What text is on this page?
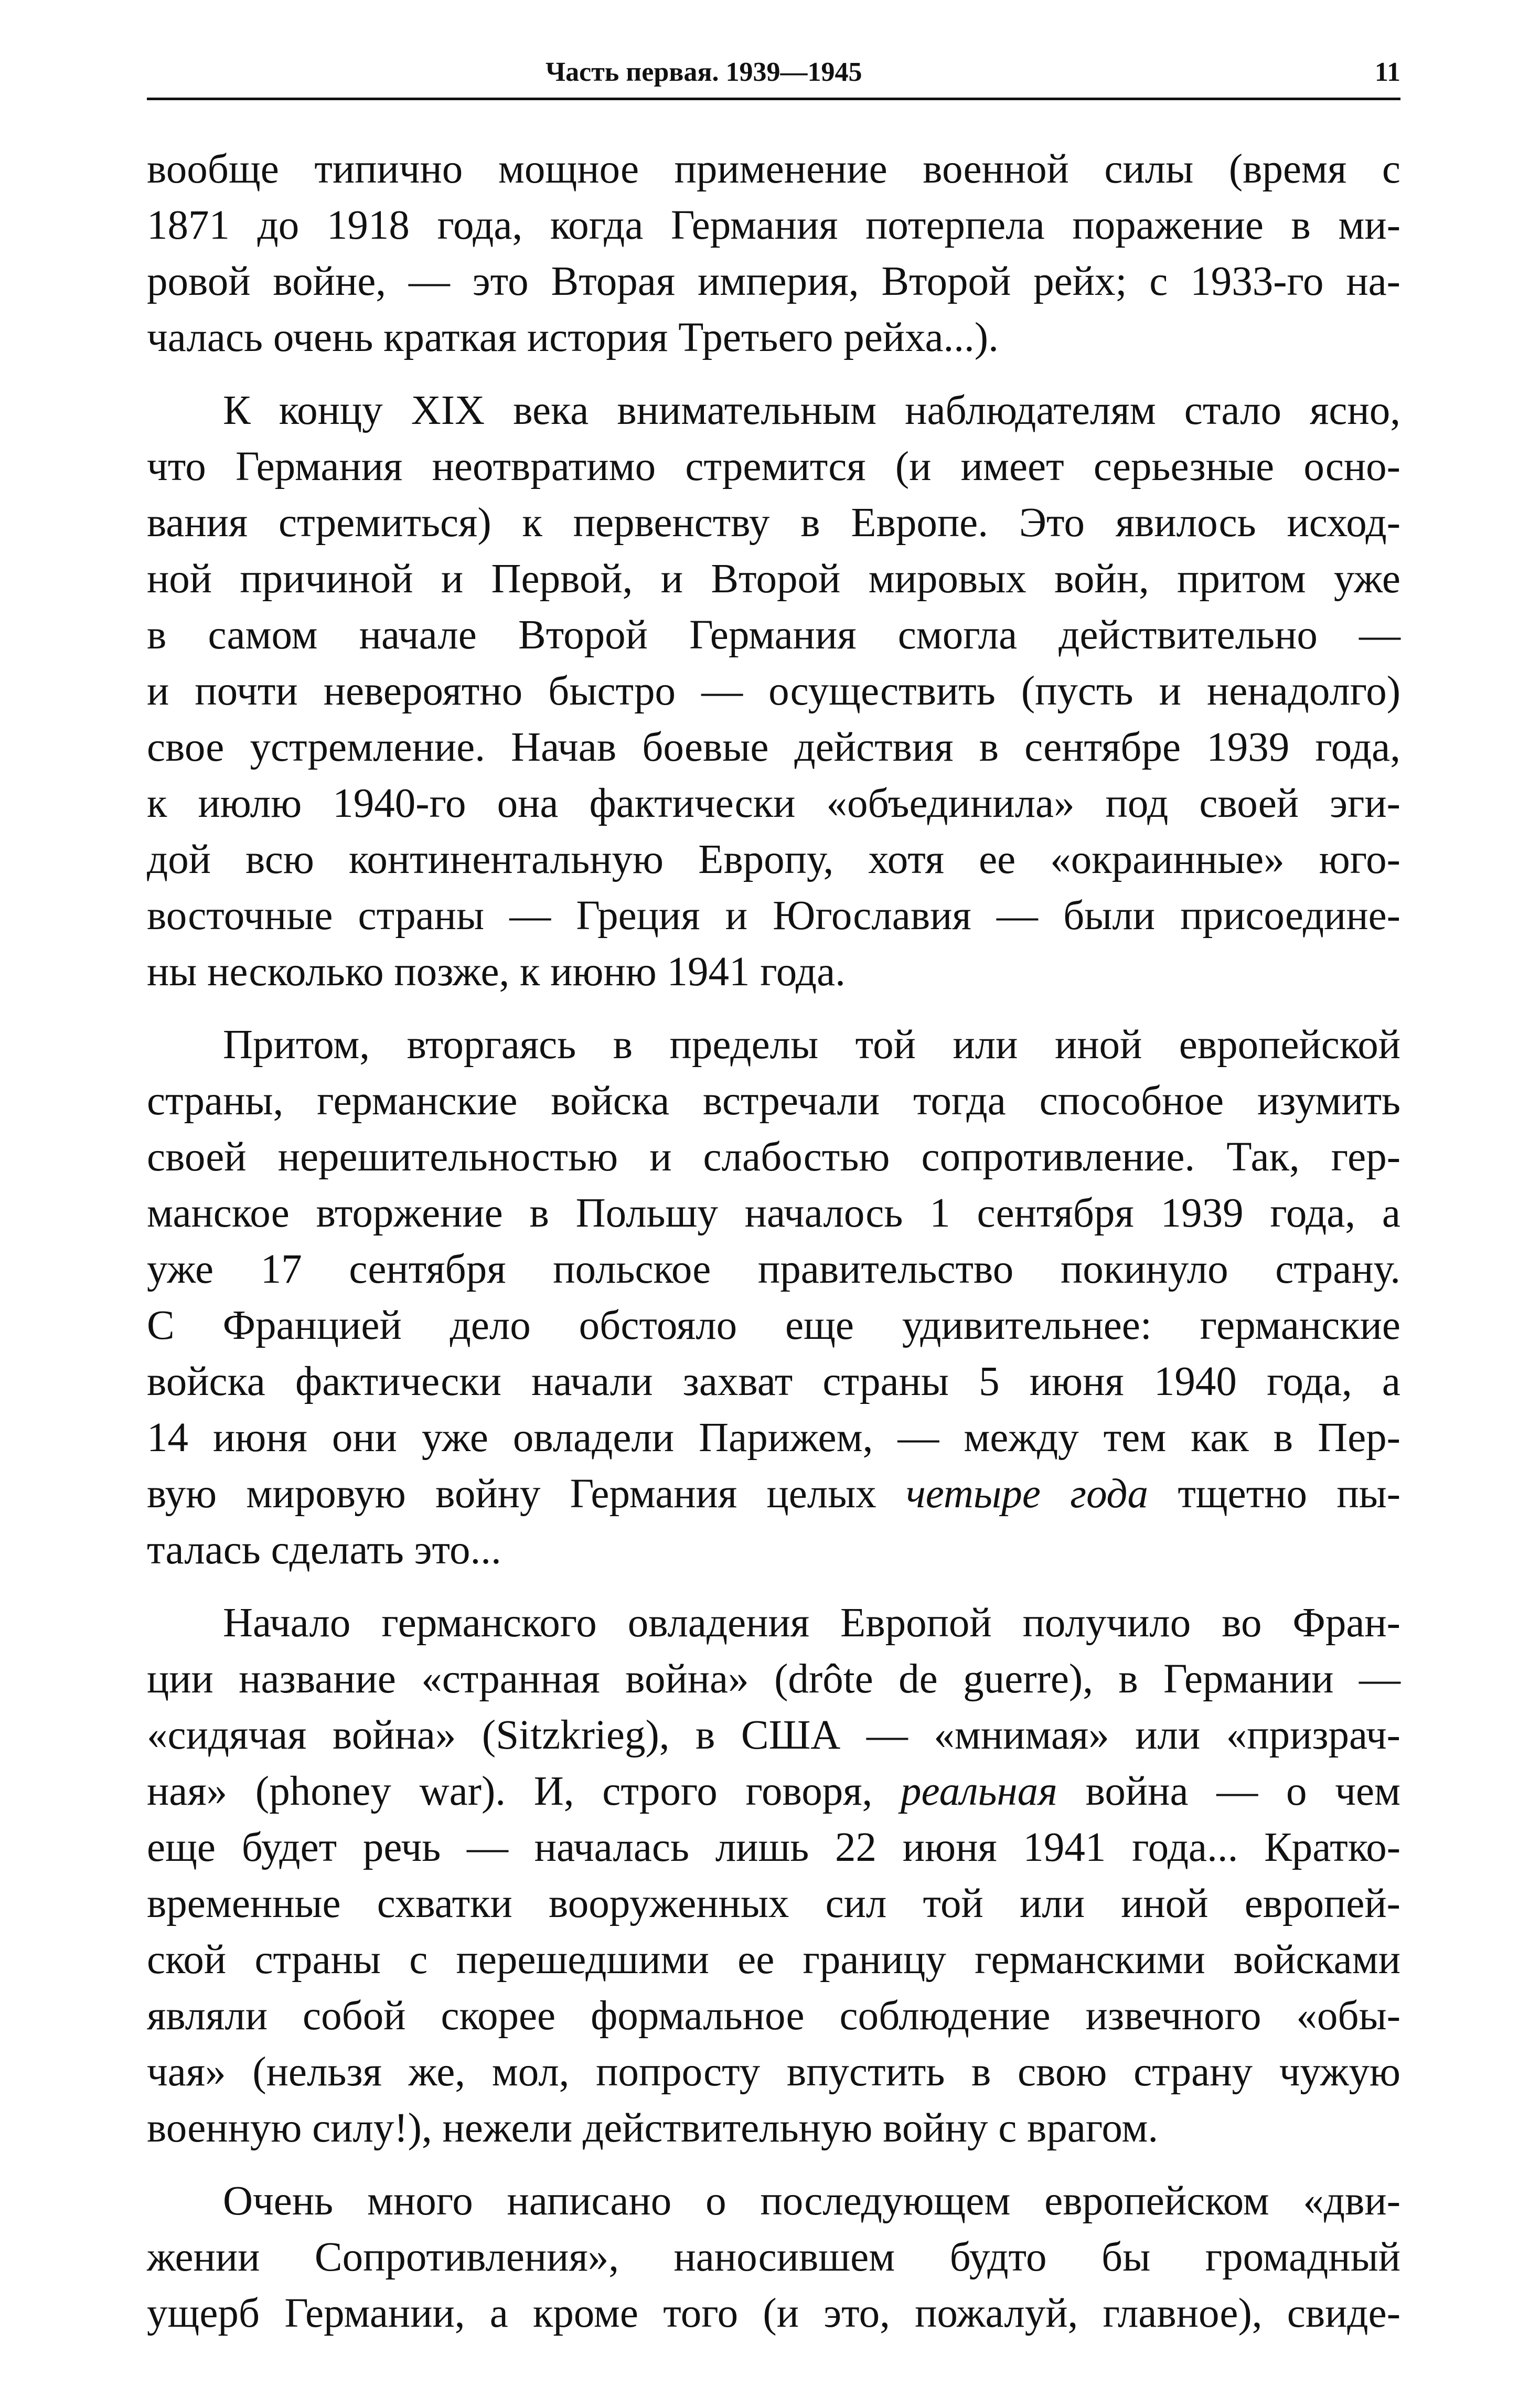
Часть первая. 1939—1945	11
вообще типично мощное применение военной силы (время с
1871 до 1918 года, когда Германия потерпела поражение в ми-
ровой войне, — это Вторая империя, Второй рейх; с 1933-го на-
чалась очень краткая история Третьего рейха...).
К концу XIX века внимательным наблюдателям стало ясно,
что Германия неотвратимо стремится (и имеет серьезные осно-
вания стремиться) к первенству в Европе. Это явилось исход-
ной причиной и Первой, и Второй мировых войн, притом уже
в самом начале Второй Германия смогла действительно —
и почти невероятно быстро — осуществить (пусть и ненадолго)
свое устремление. Начав боевые действия в сентябре 1939 года,
к июлю 1940-го она фактически «объединила» под своей эги-
дой всю континентальную Европу, хотя ее «окраинные» юго-
восточные страны — Греция и Югославия — были присоедине-
ны несколько позже, к июню 1941 года.
Притом, вторгаясь в пределы той или иной европейской
страны, германские войска встречали тогда способное изумить
своей нерешительностью и слабостью сопротивление. Так, гер-
манское вторжение в Польшу началось 1 сентября 1939 года, а
уже 17 сентября польское правительство покинуло страну.
С Францией дело обстояло еще удивительнее: германские
войска фактически начали захват страны 5 июня 1940 года, а
14 июня они уже овладели Парижем, — между тем как в Пер-
вую мировую войну Германия целых четыре года тщетно пы-
талась сделать это...
Начало германского овладения Европой получило во Фран-
ции название «странная война» (drôte de guerre), в Германии —
«сидячая война» (Sitzkrieg), в США — «мнимая» или «призрач-
ная» (phoney war). И, строго говоря, реальная война — о чем
еще будет речь — началась лишь 22 июня 1941 года... Кратко-
временные схватки вооруженных сил той или иной европей-
ской страны с перешедшими ее границу германскими войсками
являли собой скорее формальное соблюдение извечного «обы-
чая» (нельзя же, мол, попросту впустить в свою страну чужую
военную силу!), нежели действительную войну с врагом.
Очень много написано о последующем европейском «дви-
жении Сопротивления», наносившем будто бы громадный
ущерб Германии, а кроме того (и это, пожалуй, главное), свиде-
